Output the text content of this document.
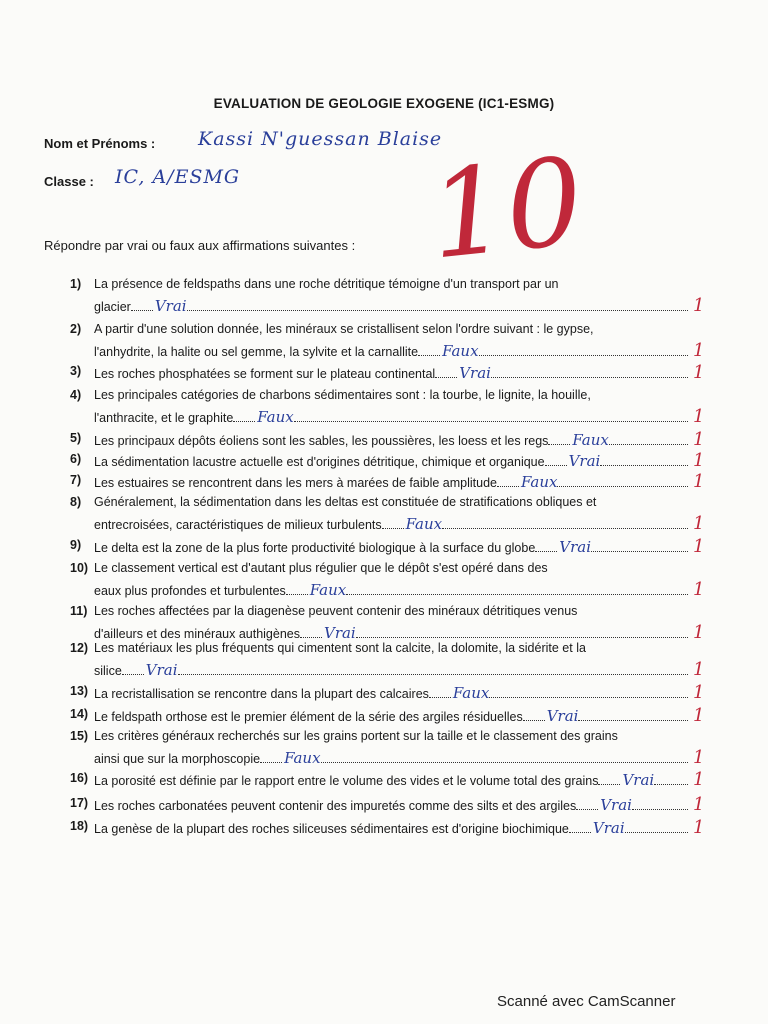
EVALUATION DE GEOLOGIE EXOGENE (IC1-ESMG)
Nom et Prénoms : Kassi N'guessan Blaise
Classe : IC, A/ESMG 10
Répondre par vrai ou faux aux affirmations suivantes :
1) La présence de feldspaths dans une roche détritique témoigne d'un transport par un
glacier Vrai	1
2) A partir d'une solution donnée, les minéraux se cristallisent selon l'ordre suivant : le gypse,
l'anhydrite, la halite ou sel gemme, la sylvite et la carnallite Faux	1
3) Les roches phosphatées se forment sur le plateau continental Vrai	1
4) Les principales catégories de charbons sédimentaires sont : la tourbe, le lignite, la houille,
l'anthracite, et le graphite Faux	1
5) Les principaux dépôts éoliens sont les sables, les poussières, les loess et les regs Faux	1
6) La sédimentation lacustre actuelle est d'origines détritique, chimique et organique Vrai	1
7) Les estuaires se rencontrent dans les mers à marées de faible amplitude Faux	1
8) Généralement, la sédimentation dans les deltas est constituée de stratifications obliques et
entrecroisées, caractéristiques de milieux turbulents Faux	1
9) Le delta est la zone de la plus forte productivité biologique à la surface du globe Vrai	1
10) Le classement vertical est d'autant plus régulier que le dépôt s'est opéré dans des
eaux plus profondes et turbulentes Faux	1
11) Les roches affectées par la diagenèse peuvent contenir des minéraux détritiques venus
d'ailleurs et des minéraux authigènes Vrai	1
12) Les matériaux les plus fréquents qui cimentent sont la calcite, la dolomite, la sidérite et la
silice Vrai	1
13) La recristallisation se rencontre dans la plupart des calcaires Faux	1
14) Le feldspath orthose est le premier élément de la série des argiles résiduelles Vrai	1
15) Les critères généraux recherchés sur les grains portent sur la taille et le classement des grains
ainsi que sur la morphoscopie Faux	1
16) La porosité est définie par le rapport entre le volume des vides et le volume total des grains Vrai 1
17) Les roches carbonatées peuvent contenir des impuretés comme des silts et des argiles Vrai	1
18) La genèse de la plupart des roches siliceuses sédimentaires est d'origine biochimique Vrai	1
Scanné avec CamScanner
